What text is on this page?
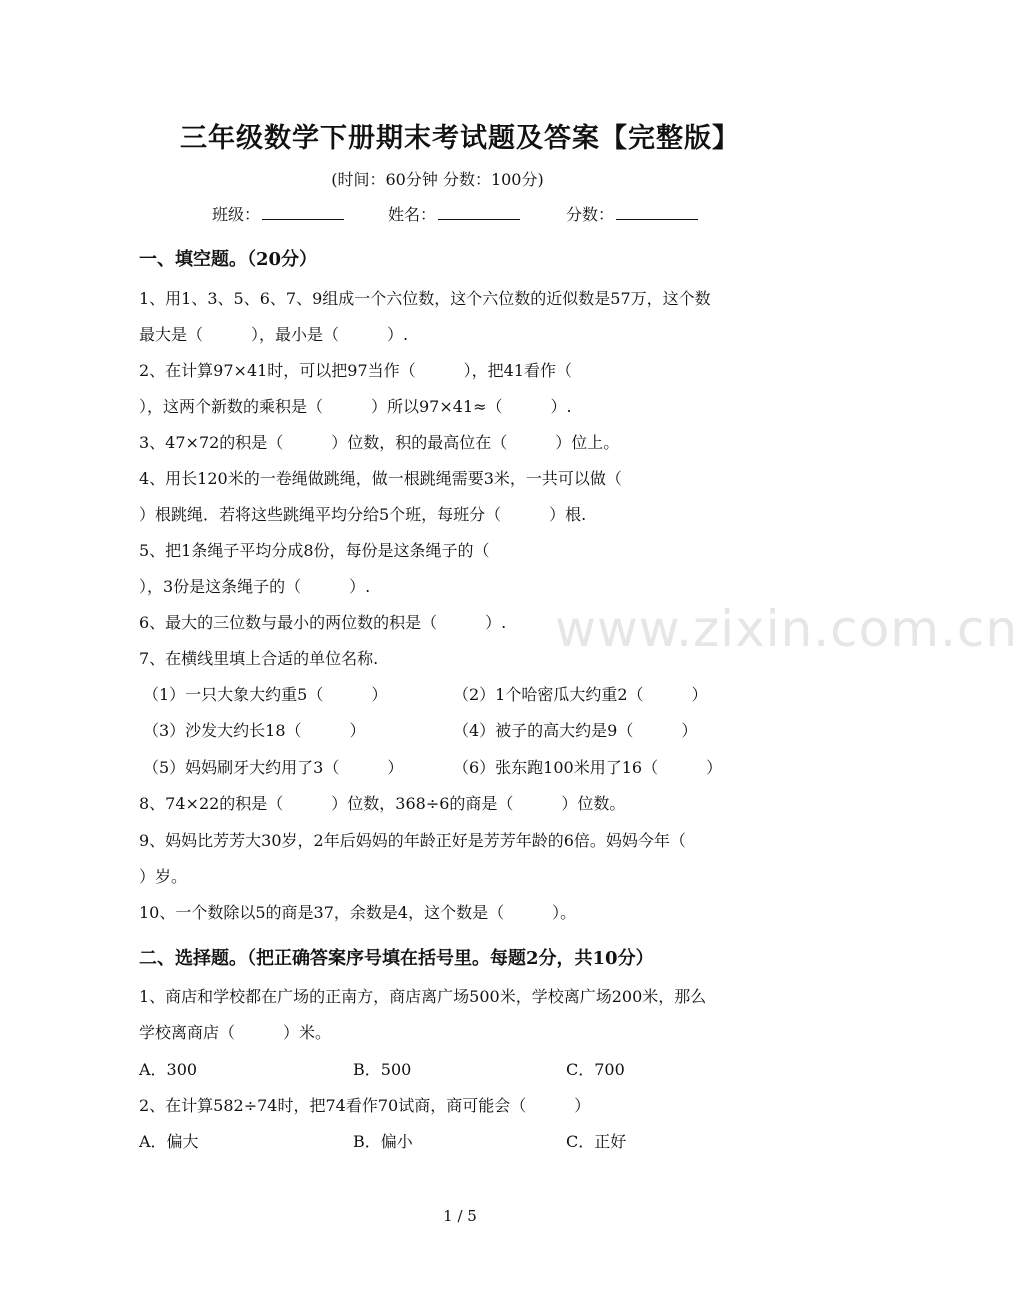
www.zixin.com.cn
三年级数学下册期末考试题及答案【完整版】
(时间：60分钟 分数：100分)
班级：	姓名：	分数：
一、填空题。（20分）
1、用1、3、5、6、7、9组成一个六位数，这个六位数的近似数是57万，这个数
最大是（　　　），最小是（　　　）.
2、在计算97×41时，可以把97当作（　　　），把41看作（
），这两个新数的乘积是（　　　）所以97×41≈（　　　）.
3、47×72的积是（　　　）位数，积的最高位在（　　　）位上。
4、用长120米的一卷绳做跳绳，做一根跳绳需要3米，一共可以做（
）根跳绳．若将这些跳绳平均分给5个班，每班分（　　　）根.
5、把1条绳子平均分成8份，每份是这条绳子的（
），3份是这条绳子的（　　　）.
6、最大的三位数与最小的两位数的积是（　　　）.
7、在横线里填上合适的单位名称.
（1）一只大象大约重5（　　　）	（2）1个哈密瓜大约重2（　　　）
（3）沙发大约长18（　　　）	（4）被子的高大约是9（　　　）
（5）妈妈刷牙大约用了3（　　　）	（6）张东跑100米用了16（　　　）
8、74×22的积是（　　　）位数，368÷6的商是（　　　）位数。
9、妈妈比芳芳大30岁，2年后妈妈的年龄正好是芳芳年龄的6倍。妈妈今年（
）岁。
10、一个数除以5的商是37，余数是4，这个数是（　　　）。
二、选择题。（把正确答案序号填在括号里。每题2分，共10分）
1、商店和学校都在广场的正南方，商店离广场500米，学校离广场200米，那么
学校离商店（　　　）米。
A．300	B．500	C．700
2、在计算582÷74时，把74看作70试商，商可能会（　　　）
A．偏大	B．偏小	C．正好
1 / 5
